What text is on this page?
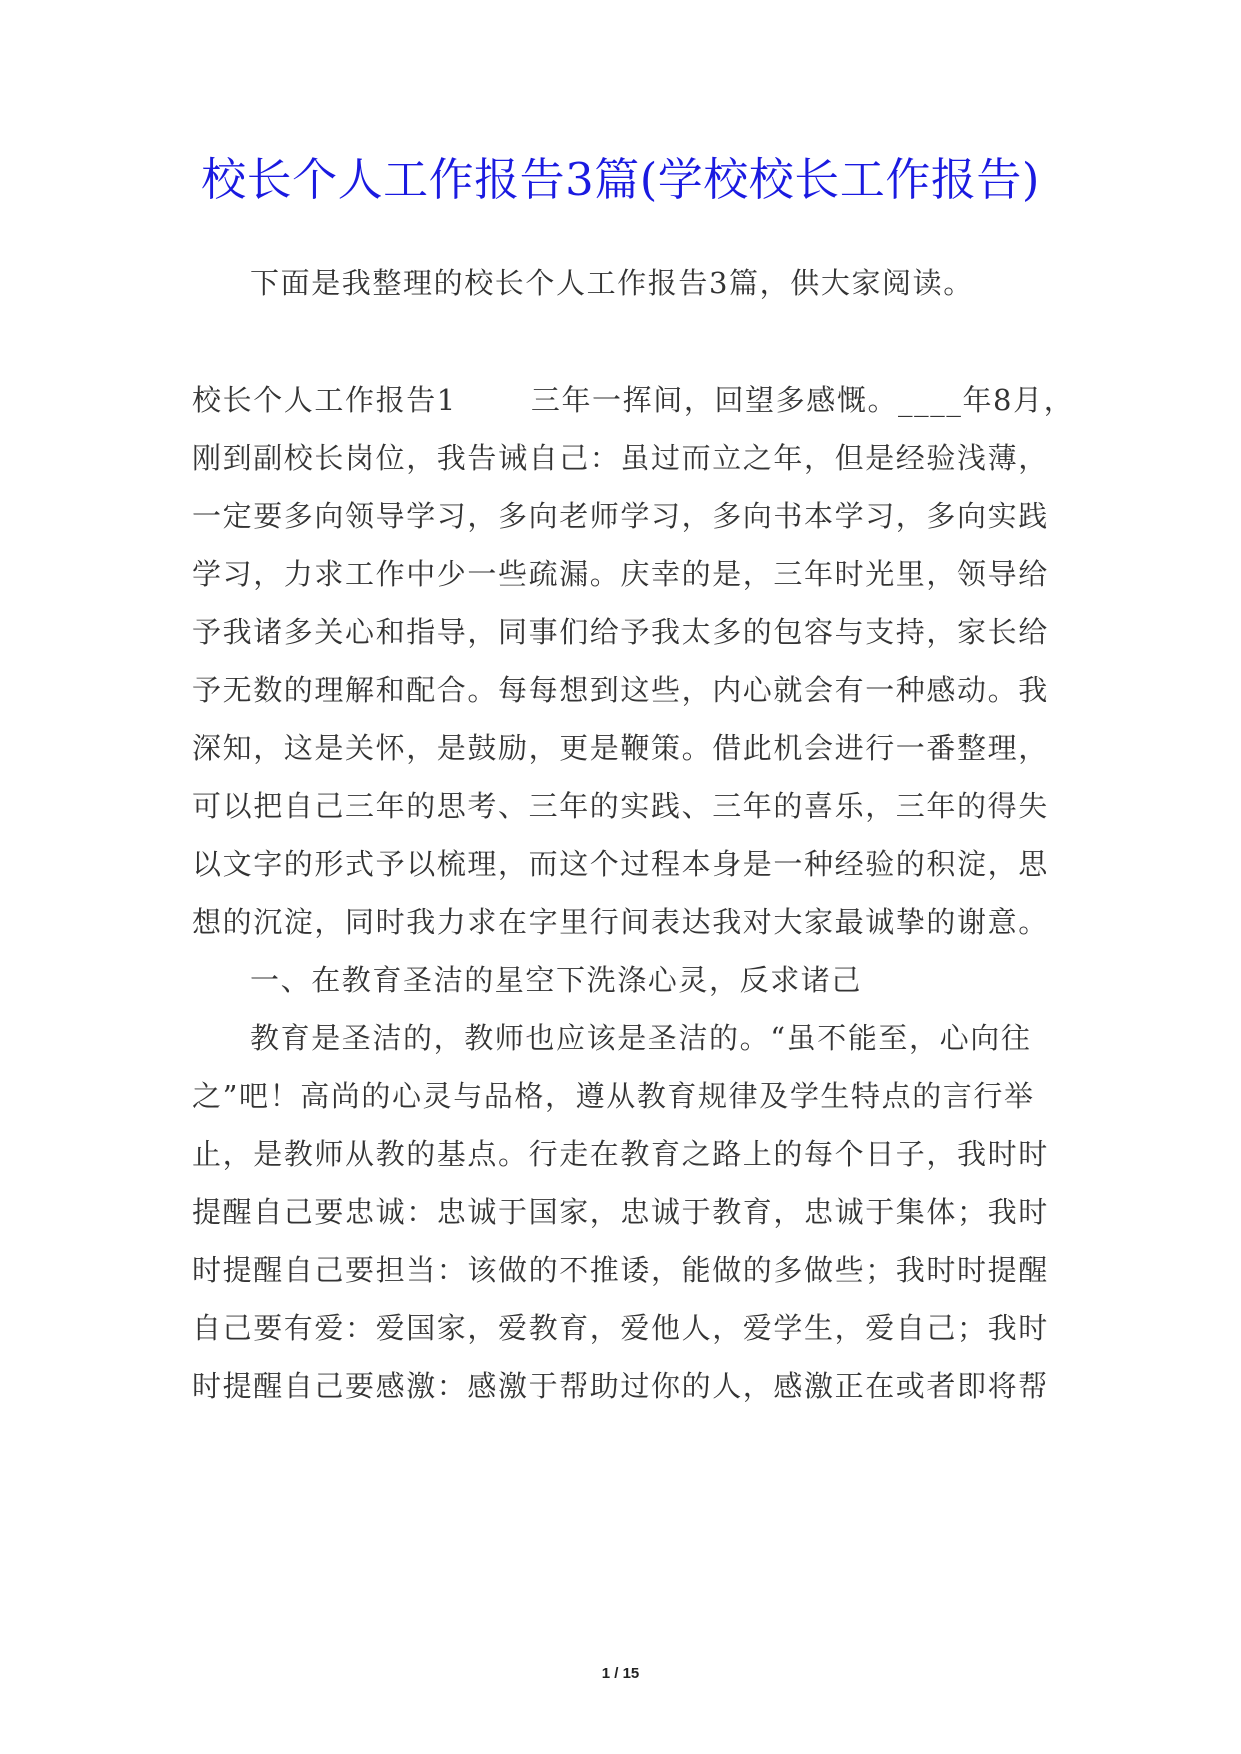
校长个人工作报告3篇(学校校长工作报告)
下面是我整理的校长个人工作报告3篇，供大家阅读。
校长个人工作报告1	三年一挥间，回望多感慨。____年8月，
刚到副校长岗位，我告诫自己：虽过而立之年，但是经验浅薄，
一定要多向领导学习，多向老师学习，多向书本学习，多向实践
学习，力求工作中少一些疏漏。庆幸的是，三年时光里，领导给
予我诸多关心和指导，同事们给予我太多的包容与支持，家长给
予无数的理解和配合。每每想到这些，内心就会有一种感动。我
深知，这是关怀，是鼓励，更是鞭策。借此机会进行一番整理，
可以把自己三年的思考、三年的实践、三年的喜乐，三年的得失
以文字的形式予以梳理，而这个过程本身是一种经验的积淀，思
想的沉淀，同时我力求在字里行间表达我对大家最诚挚的谢意。
一、在教育圣洁的星空下洗涤心灵，反求诸己
教育是圣洁的，教师也应该是圣洁的。“虽不能至，心向往
之”吧！高尚的心灵与品格，遵从教育规律及学生特点的言行举
止，是教师从教的基点。行走在教育之路上的每个日子，我时时
提醒自己要忠诚：忠诚于国家，忠诚于教育，忠诚于集体；我时
时提醒自己要担当：该做的不推诿，能做的多做些；我时时提醒
自己要有爱：爱国家，爱教育，爱他人，爱学生，爱自己；我时
时提醒自己要感激：感激于帮助过你的人，感激正在或者即将帮
1 / 15
